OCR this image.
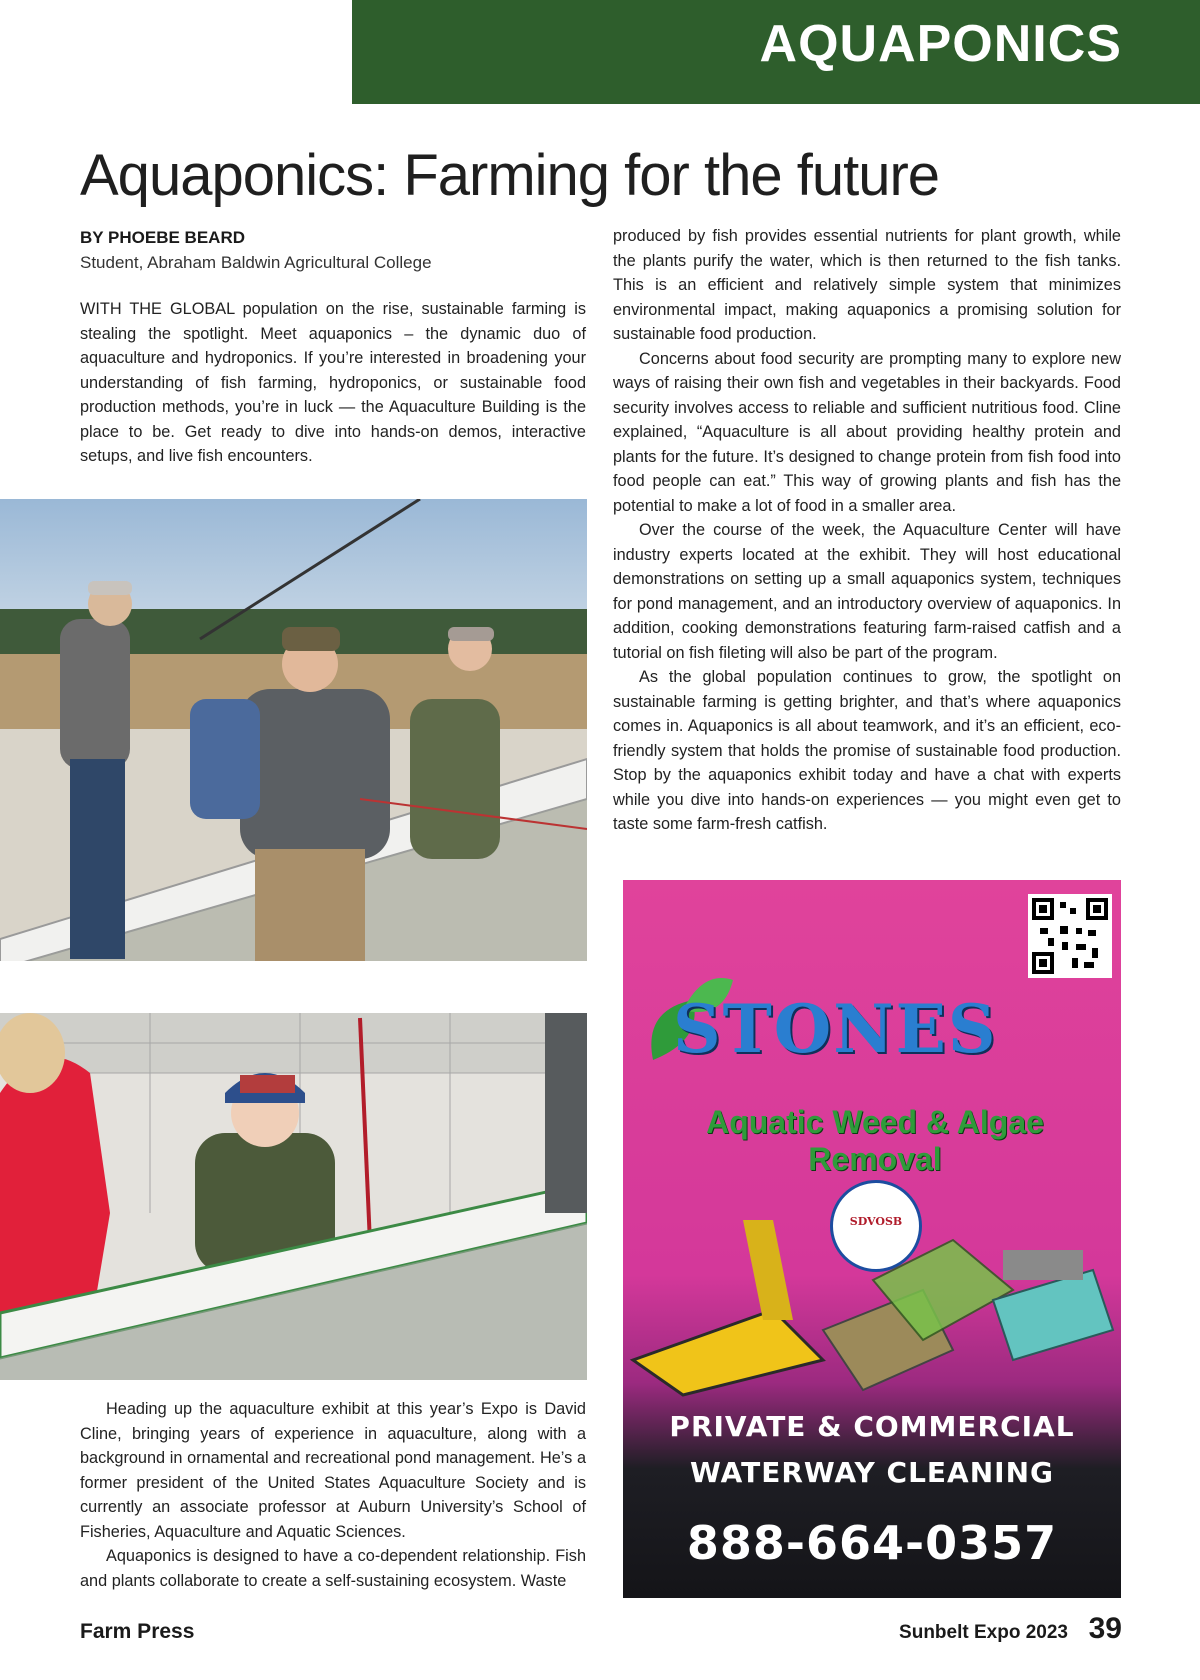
AQUAPONICS
Aquaponics: Farming for the future
BY PHOEBE BEARD
Student, Abraham Baldwin Agricultural College

WITH THE GLOBAL population on the rise, sustainable farming is stealing the spotlight. Meet aquaponics – the dynamic duo of aquaculture and hydroponics. If you’re interested in broadening your understanding of fish farming, hydroponics, or sustainable food production methods, you’re in luck — the Aquaculture Building is the place to be. Get ready to dive into hands-on demos, interactive setups, and live fish encounters.

Heading up the aquaculture exhibit at this year’s Expo is David Cline, bringing years of experience in aquaculture, along with a background in ornamental and recreational pond management. He’s a former president of the United States Aquaculture Society and is currently an associate professor at Auburn University’s School of Fisheries, Aquaculture and Aquatic Sciences.

Aquaponics is designed to have a co-dependent relationship. Fish and plants collaborate to create a self-sustaining ecosystem. Waste

produced by fish provides essential nutrients for plant growth, while the plants purify the water, which is then returned to the fish tanks. This is an efficient and relatively simple system that minimizes environmental impact, making aquaponics a promising solution for sustainable food production.

Concerns about food security are prompting many to explore new ways of raising their own fish and vegetables in their backyards. Food security involves access to reliable and sufficient nutritious food. Cline explained, “Aquaculture is all about providing healthy protein and plants for the future. It’s designed to change protein from fish food into food people can eat.” This way of growing plants and fish has the potential to make a lot of food in a smaller area.

Over the course of the week, the Aquaculture Center will have industry experts located at the exhibit. They will host educational demonstrations on setting up a small aquaponics system, techniques for pond management, and an introductory overview of aquaponics. In addition, cooking demonstrations featuring farm-raised catfish and a tutorial on fish fileting will also be part of the program.

As the global population continues to grow, the spotlight on sustainable farming is getting brighter, and that’s where aquaponics comes in. Aquaponics is all about teamwork, and it’s an efficient, eco-friendly system that holds the promise of sustainable food production. Stop by the aquaponics exhibit today and have a chat with experts while you dive into hands-on experiences — you might even get to taste some farm-fresh catfish.

STONES
Aquatic Weed & Algae Removal
SDVOSB
PRIVATE & COMMERCIAL
WATERWAY CLEANING
888-664-0357
Farm Press	Sunbelt Expo 2023 39
